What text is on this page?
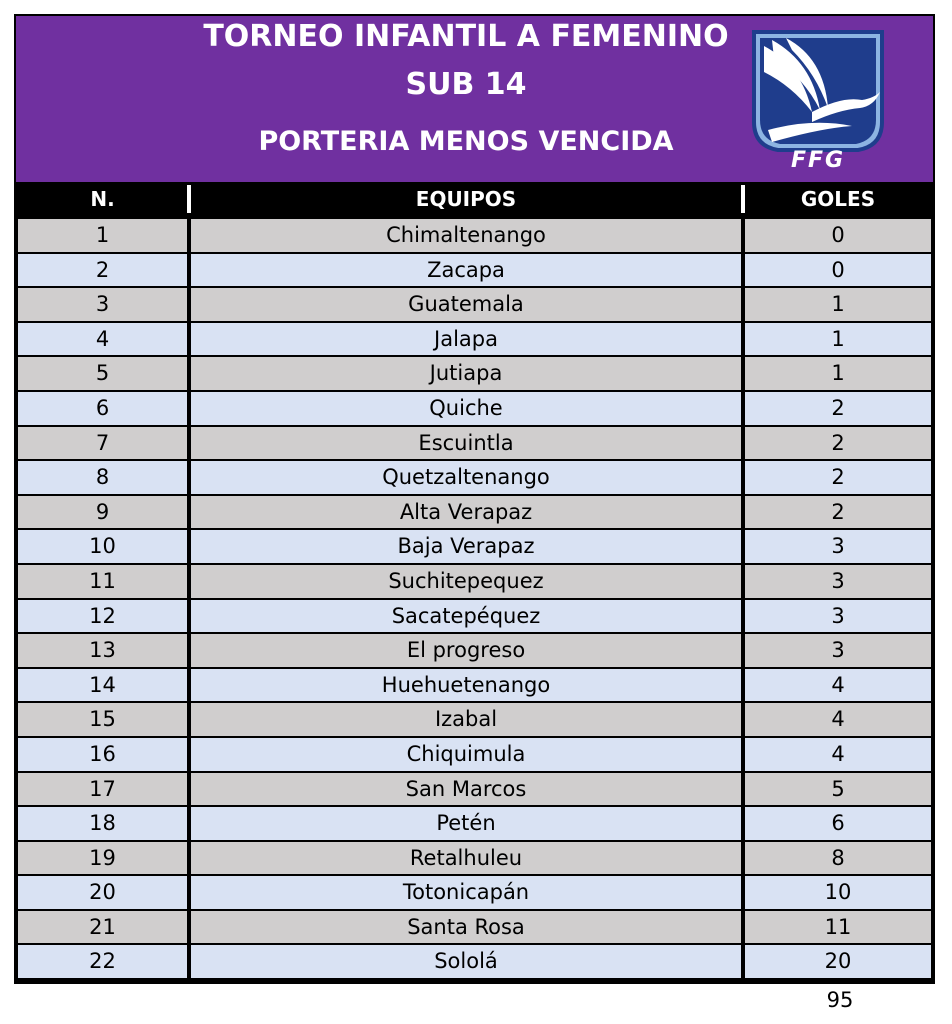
TORNEO INFANTIL A FEMENINO
SUB 14
PORTERIA MENOS VENCIDA
FFG
N.	EQUIPOS	GOLES
1	Chimaltenango	0
2	Zacapa	0
3	Guatemala	1
4	Jalapa	1
5	Jutiapa	1
6	Quiche	2
7	Escuintla	2
8	Quetzaltenango	2
9	Alta Verapaz	2
10	Baja Verapaz	3
11	Suchitepequez	3
12	Sacatepéquez	3
13	El progreso	3
14	Huehuetenango	4
15	Izabal	4
16	Chiquimula	4
17	San Marcos	5
18	Petén	6
19	Retalhuleu	8
20	Totonicapán	10
21	Santa Rosa	11
22	Sololá	20
95
